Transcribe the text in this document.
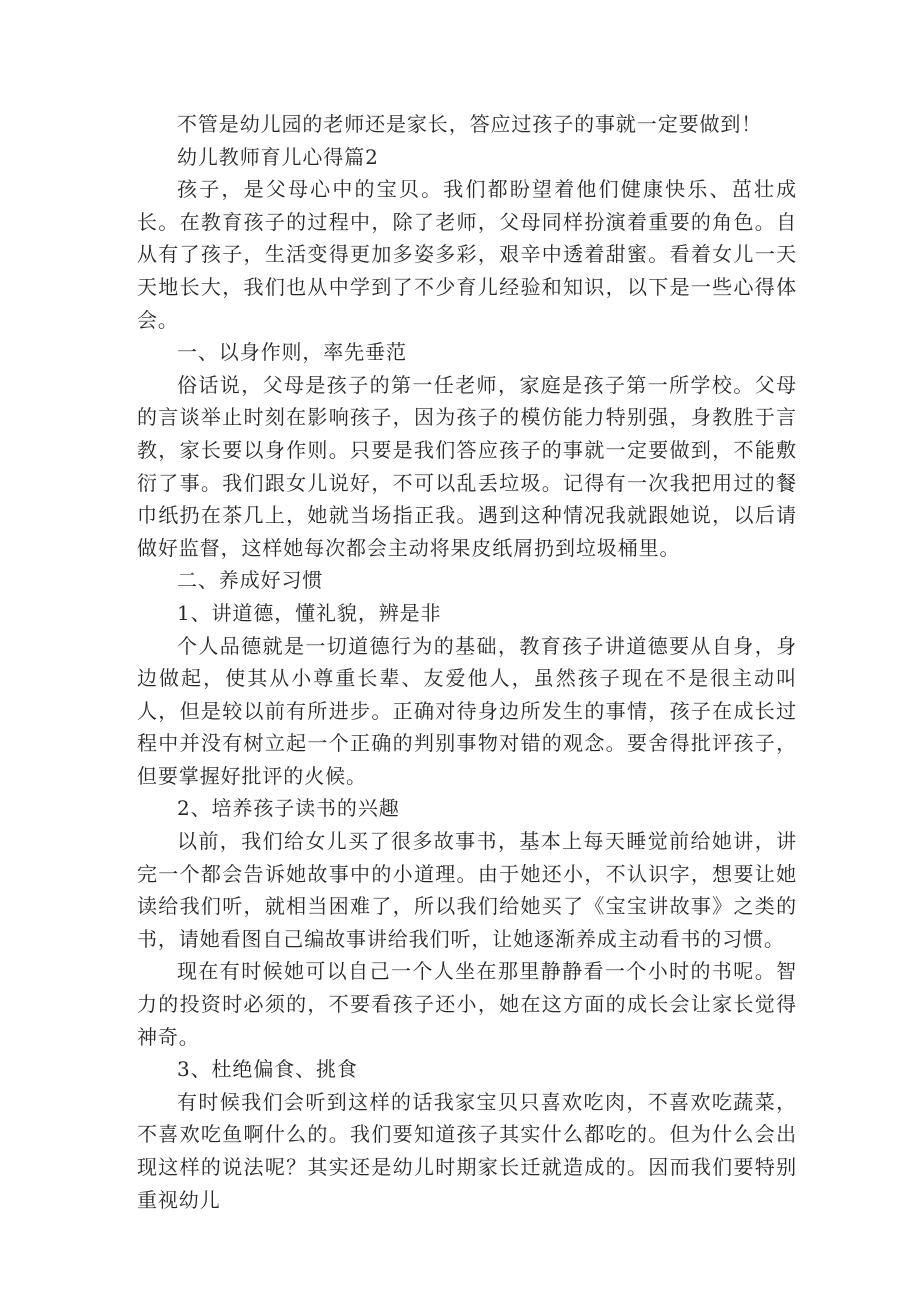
不管是幼儿园的老师还是家长，答应过孩子的事就一定要做到！

幼儿教师育儿心得篇2

孩子，是父母心中的宝贝。我们都盼望着他们健康快乐、茁壮成长。在教育孩子的过程中，除了老师，父母同样扮演着重要的角色。自从有了孩子，生活变得更加多姿多彩，艰辛中透着甜蜜。看着女儿一天天地长大，我们也从中学到了不少育儿经验和知识，以下是一些心得体会。

一、以身作则，率先垂范

俗话说，父母是孩子的第一任老师，家庭是孩子第一所学校。父母的言谈举止时刻在影响孩子，因为孩子的模仿能力特别强，身教胜于言教，家长要以身作则。只要是我们答应孩子的事就一定要做到，不能敷衍了事。我们跟女儿说好，不可以乱丢垃圾。记得有一次我把用过的餐巾纸扔在茶几上，她就当场指正我。遇到这种情况我就跟她说，以后请做好监督，这样她每次都会主动将果皮纸屑扔到垃圾桶里。

二、养成好习惯

1、讲道德，懂礼貌，辨是非

个人品德就是一切道德行为的基础，教育孩子讲道德要从自身，身边做起，使其从小尊重长辈、友爱他人，虽然孩子现在不是很主动叫人，但是较以前有所进步。正确对待身边所发生的事情，孩子在成长过程中并没有树立起一个正确的判别事物对错的观念。要舍得批评孩子，但要掌握好批评的火候。

2、培养孩子读书的兴趣

以前，我们给女儿买了很多故事书，基本上每天睡觉前给她讲，讲完一个都会告诉她故事中的小道理。由于她还小，不认识字，想要让她读给我们听，就相当困难了，所以我们给她买了《宝宝讲故事》之类的书，请她看图自己编故事讲给我们听，让她逐渐养成主动看书的习惯。

现在有时候她可以自己一个人坐在那里静静看一个小时的书呢。智力的投资时必须的，不要看孩子还小，她在这方面的成长会让家长觉得神奇。

3、杜绝偏食、挑食

有时候我们会听到这样的话我家宝贝只喜欢吃肉，不喜欢吃蔬菜，不喜欢吃鱼啊什么的。我们要知道孩子其实什么都吃的。但为什么会出现这样的说法呢？其实还是幼儿时期家长迁就造成的。因而我们要特别重视幼儿
